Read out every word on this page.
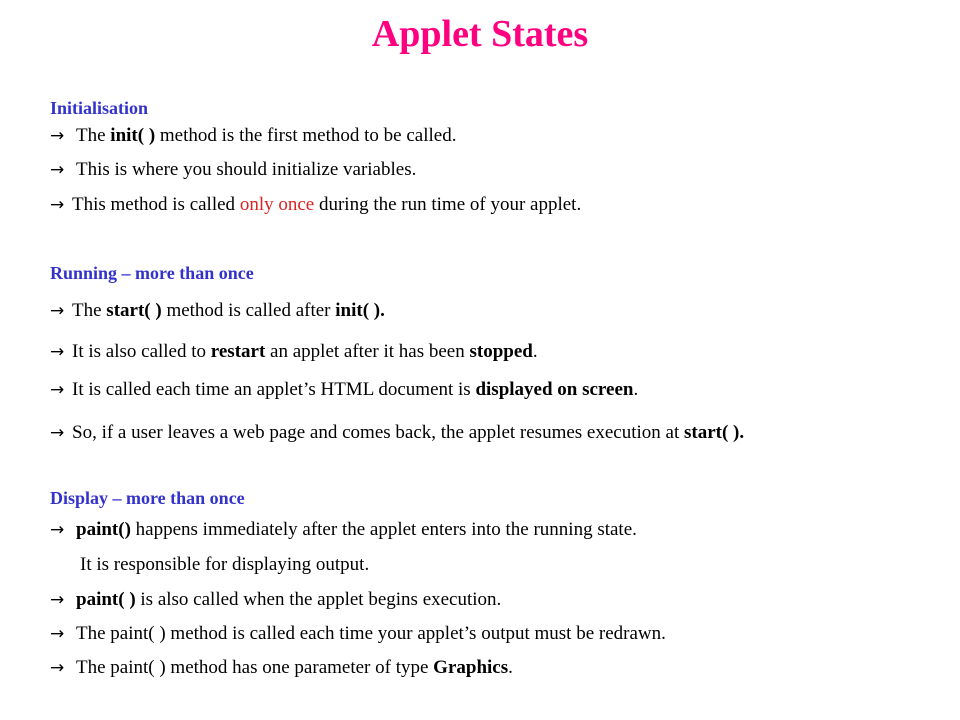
Applet States
Initialisation
→ The init( ) method is the first method to be called.
→ This is where you should initialize variables.
→ This method is called only once during the run time of your applet.
Running – more than once
→ The start( ) method is called after init( ).
→ It is also called to restart an applet after it has been stopped.
→ It is called each time an applet’s HTML document is displayed on screen.
→ So, if a user leaves a web page and comes back, the applet resumes execution at start( ).
Display – more than once
→ paint() happens immediately after the applet enters into the running state.
It is responsible for displaying output.
→ paint( ) is also called when the applet begins execution.
→ The paint( ) method is called each time your applet’s output must be redrawn.
→ The paint( ) method has one parameter of type Graphics.
